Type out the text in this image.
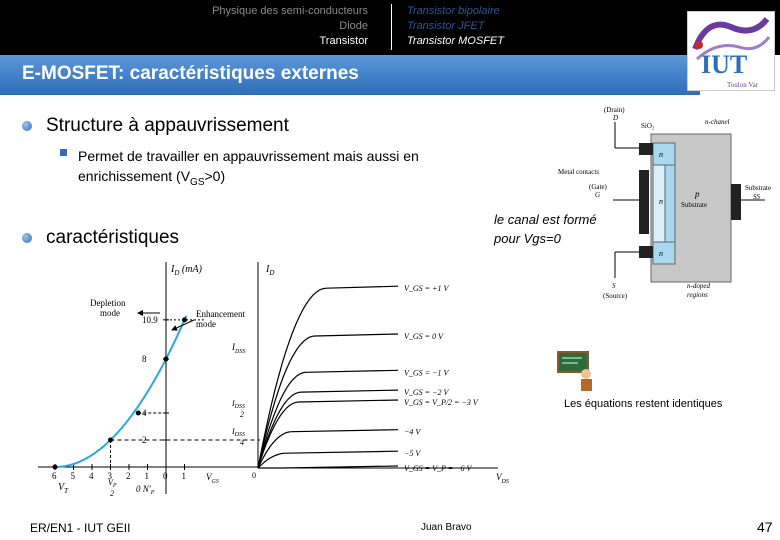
Physique des semi-conducteurs
Diode
Transistor
Transistor bipolaire
Transistor JFET
Transistor MOSFET
E-MOSFET: caractéristiques externes	IUT
Toulon Var
Structure à appauvrissement
Permet de travailler en appauvrissement mais aussi en
enrichissement $(V_{GS}>0)$
caractéristiques
le canal est formé
pour Vgs=0
(Drain)
D
SiO₂	n-chanel
Metal contacts
(Gate)
G
n
n
n
p
Substrate
Substrate
SS
S
(Source)
n-doped
regions
Les équations restent identiques
$I_D$ (mA)
$V_{GS}$
6 5 4 3 2 1 0 1
10.9
8
4
2
Depletion
mode	Enhancement
mode
$V_T$
$V_P$ 2	0 $N'_P$
$I_D$
$V_{DS}$
0
$I_{DSS}$
$I_{DSS}$ 2
$I_{DSS}$ 4
V_GS = +1 V
V_GS = 0 V
V_GS = −1 V
V_GS = −2 V
V_GS = V_P/2 = −3 V
−4 V
−5 V
V_GS = V_P = −6 V
ER/EN1 - IUT GEII	Juan Bravo	47
